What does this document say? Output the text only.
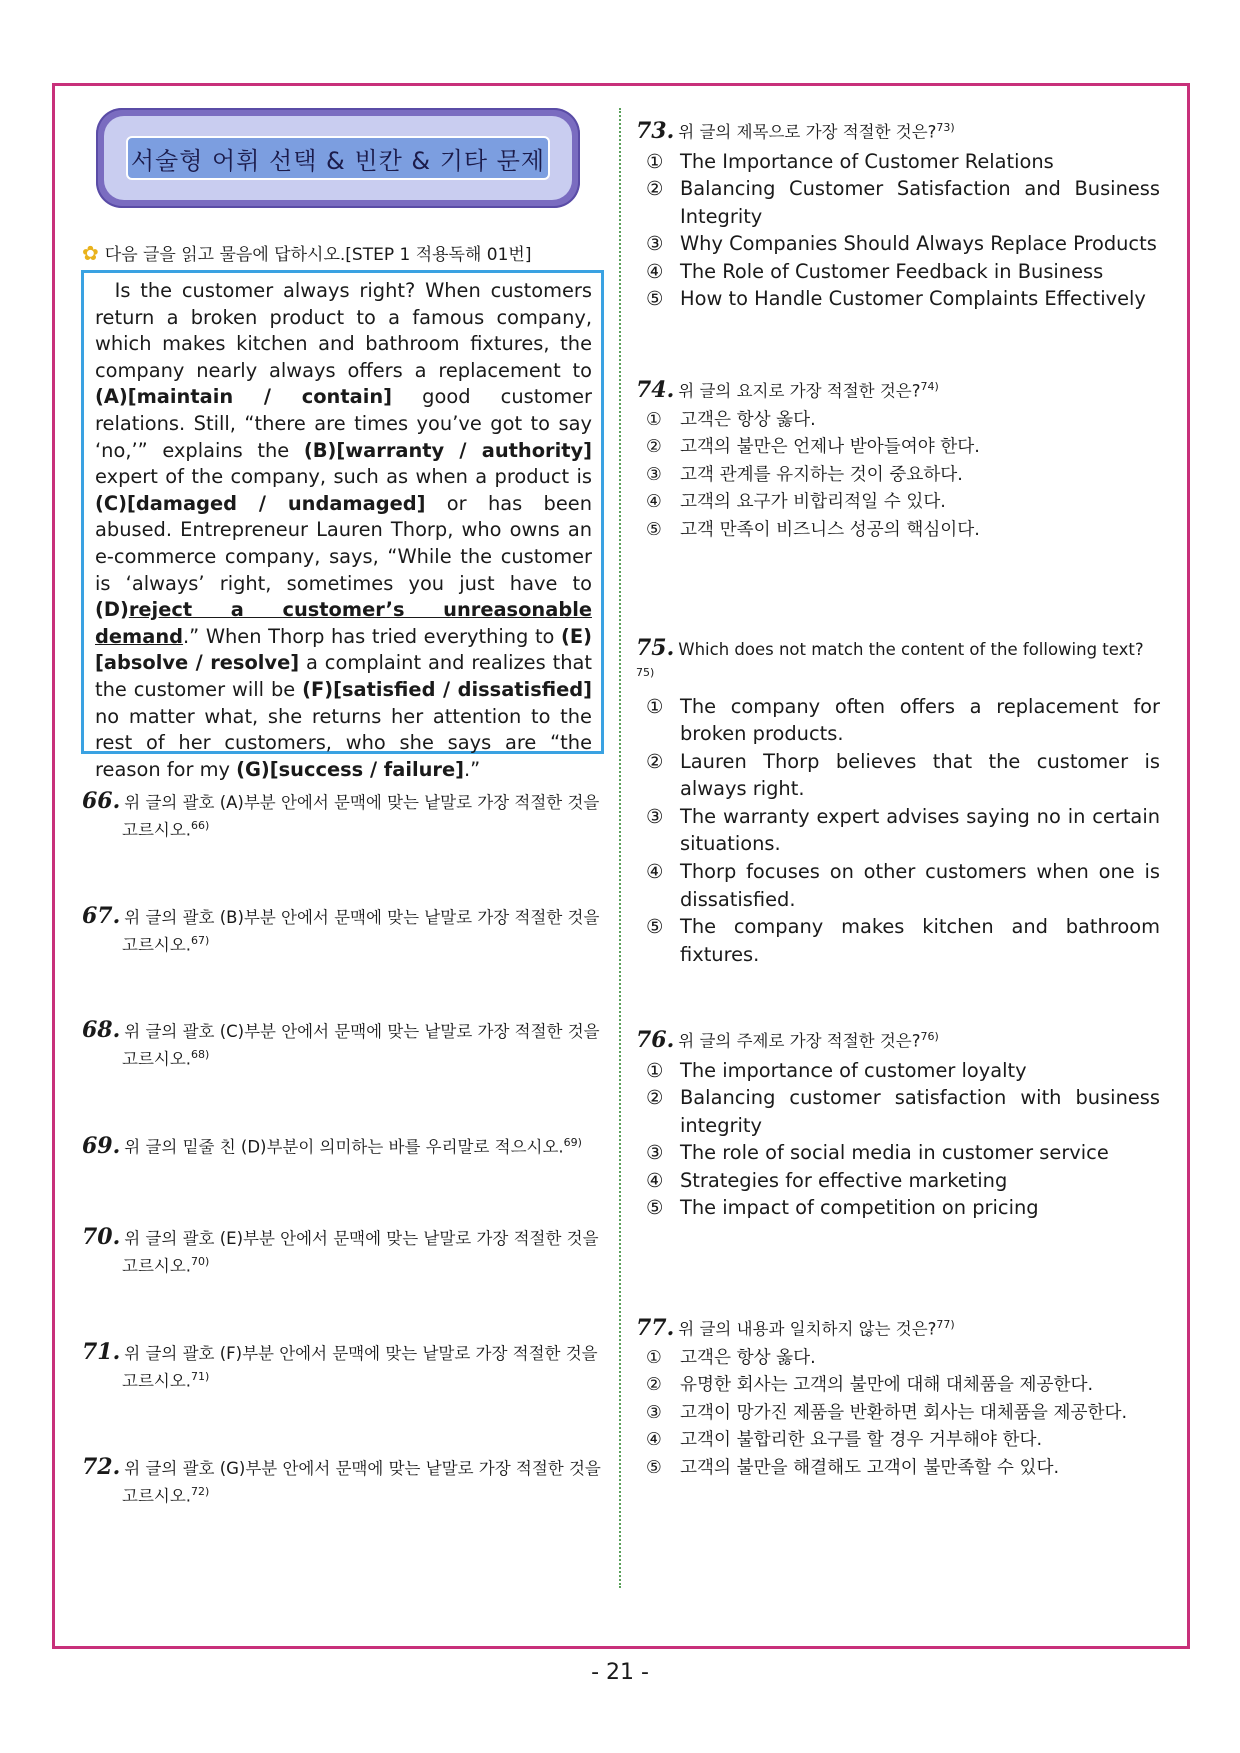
서술형 어휘 선택 & 빈칸 & 기타 문제
✿ 다음 글을 읽고 물음에 답하시오.[STEP 1 적용독해 01번]
Is the customer always right? When customers return a broken product to a famous company, which makes kitchen and bathroom fixtures, the company nearly always offers a replacement to (A)[maintain / contain] good customer relations. Still, “there are times you’ve got to say ‘no,’” explains the (B)[warranty / authority] expert of the company, such as when a product is (C)[damaged / undamaged] or has been abused. Entrepreneur Lauren Thorp, who owns an e-commerce company, says, “While the customer is ‘always’ right, sometimes you just have to (D)reject a customer’s unreasonable demand.” When Thorp has tried everything to (E)[absolve / resolve] a complaint and realizes that the customer will be (F)[satisfied / dissatisfied] no matter what, she returns her attention to the rest of her customers, who she says are “the reason for my (G)[success / failure].”
66. 위 글의 괄호 (A)부분 안에서 문맥에 맞는 낱말로 가장 적절한 것을
고르시오.$^{66)}$
67. 위 글의 괄호 (B)부분 안에서 문맥에 맞는 낱말로 가장 적절한 것을
고르시오.$^{67)}$
68. 위 글의 괄호 (C)부분 안에서 문맥에 맞는 낱말로 가장 적절한 것을
고르시오.$^{68)}$
69. 위 글의 밑줄 친 (D)부분이 의미하는 바를 우리말로 적으시오.$^{69)}$
70. 위 글의 괄호 (E)부분 안에서 문맥에 맞는 낱말로 가장 적절한 것을
고르시오.$^{70)}$
71. 위 글의 괄호 (F)부분 안에서 문맥에 맞는 낱말로 가장 적절한 것을
고르시오.$^{71)}$
72. 위 글의 괄호 (G)부분 안에서 문맥에 맞는 낱말로 가장 적절한 것을
고르시오.$^{72)}$
73. 위 글의 제목으로 가장 적절한 것은?$^{73)}$
① The Importance of Customer Relations
② Balancing Customer Satisfaction and Business Integrity
③ Why Companies Should Always Replace Products
④ The Role of Customer Feedback in Business
⑤ How to Handle Customer Complaints Effectively
74. 위 글의 요지로 가장 적절한 것은?$^{74)}$
①	고객은 항상 옳다.
②	고객의 불만은 언제나 받아들여야 한다.
③	고객 관계를 유지하는 것이 중요하다.
④	고객의 요구가 비합리적일 수 있다.
⑤	고객 만족이 비즈니스 성공의 핵심이다.
75. Which does not match the content of the following text?$^{75)}$
① The company often offers a replacement for broken products.
② Lauren Thorp believes that the customer is always right.
③ The warranty expert advises saying no in certain situations.
④ Thorp focuses on other customers when one is dissatisfied.
⑤ The company makes kitchen and bathroom fixtures.
76. 위 글의 주제로 가장 적절한 것은?$^{76)}$
① The importance of customer loyalty
② Balancing customer satisfaction with business integrity
③ The role of social media in customer service
④ Strategies for effective marketing
⑤ The impact of competition on pricing
77. 위 글의 내용과 일치하지 않는 것은?$^{77)}$
①	고객은 항상 옳다.
②	유명한 회사는 고객의 불만에 대해 대체품을 제공한다.
③	고객이 망가진 제품을 반환하면 회사는 대체품을 제공한다.
④	고객이 불합리한 요구를 할 경우 거부해야 한다.
⑤	고객의 불만을 해결해도 고객이 불만족할 수 있다.
- 21 -
